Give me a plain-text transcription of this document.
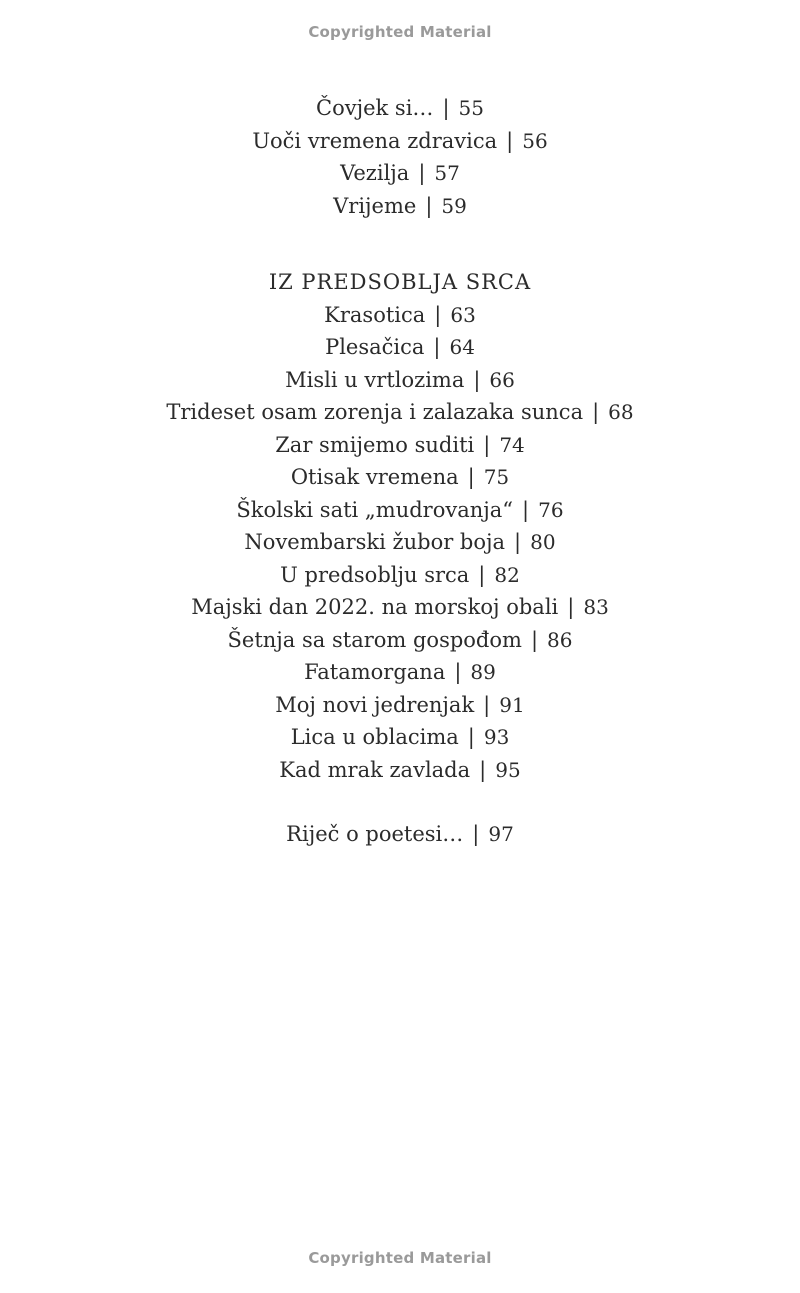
Copyrighted Material
Čovjek si… | 55
Uoči vremena zdravica | 56
Vezilja | 57
Vrijeme | 59
IZ PREDSOBLJA SRCA
Krasotica | 63
Plesačica | 64
Misli u vrtlozima | 66
Trideset osam zorenja i zalazaka sunca | 68
Zar smijemo suditi | 74
Otisak vremena | 75
Školski sati „mudrovanja“ | 76
Novembarski žubor boja | 80
U predsoblju srca | 82
Majski dan 2022. na morskoj obali | 83
Šetnja sa starom gospođom | 86
Fatamorgana | 89
Moj novi jedrenjak | 91
Lica u oblacima | 93
Kad mrak zavlada | 95
Riječ o poetesi… | 97
Copyrighted Material
